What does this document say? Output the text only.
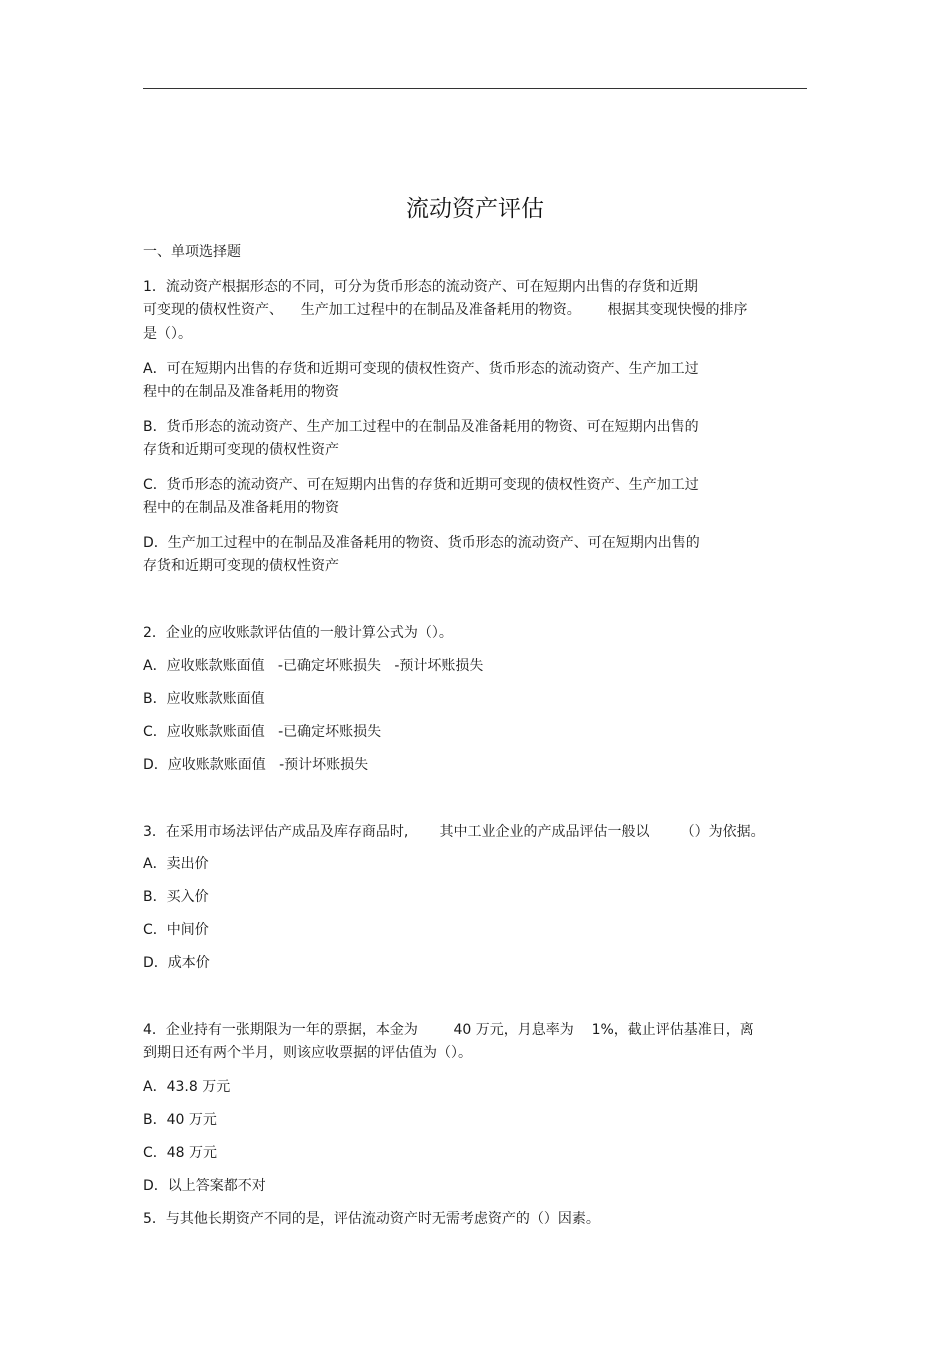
流动资产评估
一、单项选择题
1．流动资产根据形态的不同，可分为货币形态的流动资产、可在短期内出售的存货和近期
可变现的债权性资产、    生产加工过程中的在制品及准备耗用的物资。      根据其变现快慢的排序
是（）。
A．可在短期内出售的存货和近期可变现的债权性资产、货币形态的流动资产、生产加工过
程中的在制品及准备耗用的物资
B．货币形态的流动资产、生产加工过程中的在制品及准备耗用的物资、可在短期内出售的
存货和近期可变现的债权性资产
C．货币形态的流动资产、可在短期内出售的存货和近期可变现的债权性资产、生产加工过
程中的在制品及准备耗用的物资
D．生产加工过程中的在制品及准备耗用的物资、货币形态的流动资产、可在短期内出售的
存货和近期可变现的债权性资产
2．企业的应收账款评估值的一般计算公式为（）。
A．应收账款账面值   -已确定坏账损失   -预计坏账损失
B．应收账款账面值
C．应收账款账面值   -已确定坏账损失
D．应收账款账面值   -预计坏账损失
3．在采用市场法评估产成品及库存商品时,       其中工业企业的产成品评估一般以       （）为依据。
A．卖出价
B．买入价
C．中间价
D．成本价
4．企业持有一张期限为一年的票据，本金为        40 万元，月息率为    1%，截止评估基准日，离
到期日还有两个半月，则该应收票据的评估值为（）。
A．43.8 万元
B．40 万元
C．48 万元
D．以上答案都不对
5．与其他长期资产不同的是，评估流动资产时无需考虑资产的（）因素。
